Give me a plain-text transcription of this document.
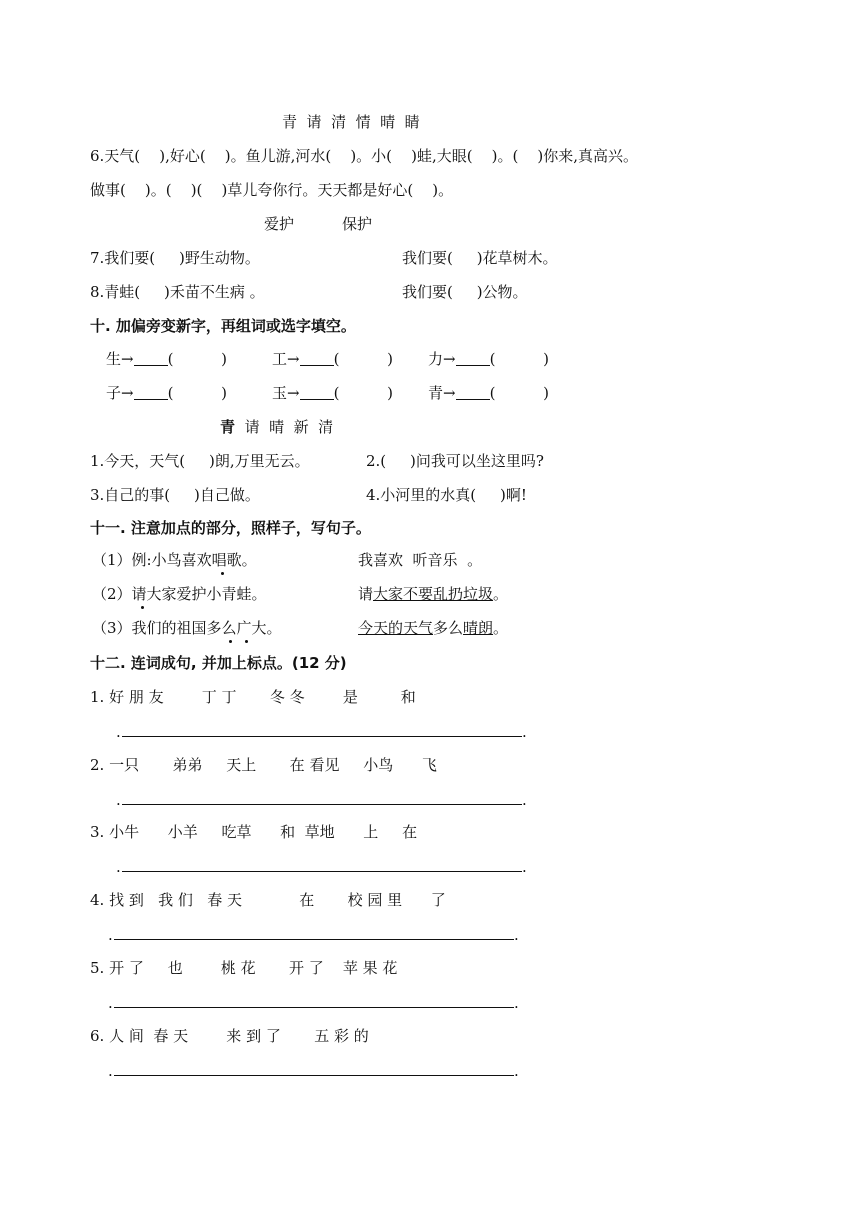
青  请  清  情  晴  睛
6.天气(    ),好心(    )。鱼儿游,河水(    )。小(    )蛙,大眼(    )。(    )你来,真高兴。
做事(    )。(    )(    )草儿夸你行。天天都是好心(    )。
爱护	保护
7.我们要(     )野生动物。	我们要(     )花草树木。
8.青蛙(     )禾苗不生病 。	我们要(     )公物。
十. 加偏旁变新字，再组词或选字填空。
生→ (          )	工→ (          ) 力→ (          )
子→ (          )	玉→ (          ) 青→ (          )
青 请  晴  新  清
1.今天，天气(     )朗,万里无云。	2.(     )问我可以坐这里吗?
3.自己的事(     )自己做。	4.小河里的水真(     )啊!
十一. 注意加点的部分，照样子，写句子。
（1）例:小鸟喜欢唱歌。	我喜欢  听音乐  。
（2）请大家爱护小青蛙。	请大家不要乱扔垃圾。
（3）我们的祖国多么广大。	今天的天气多么晴朗。
十二. 连词成句, 并加上标点。(12 分)
1. 好 朋 友        丁 丁       冬 冬        是         和
.	.
2. 一只       弟弟     天上       在 看见     小鸟      飞
.	.
3. 小牛      小羊     吃草      和  草地      上     在
.	.
4. 找 到   我 们   春 天            在       校 园 里      了
.	.
5. 开 了     也        桃 花       开 了    苹 果 花
.	.
6. 人 间  春 天        来 到 了       五 彩 的
.	.
